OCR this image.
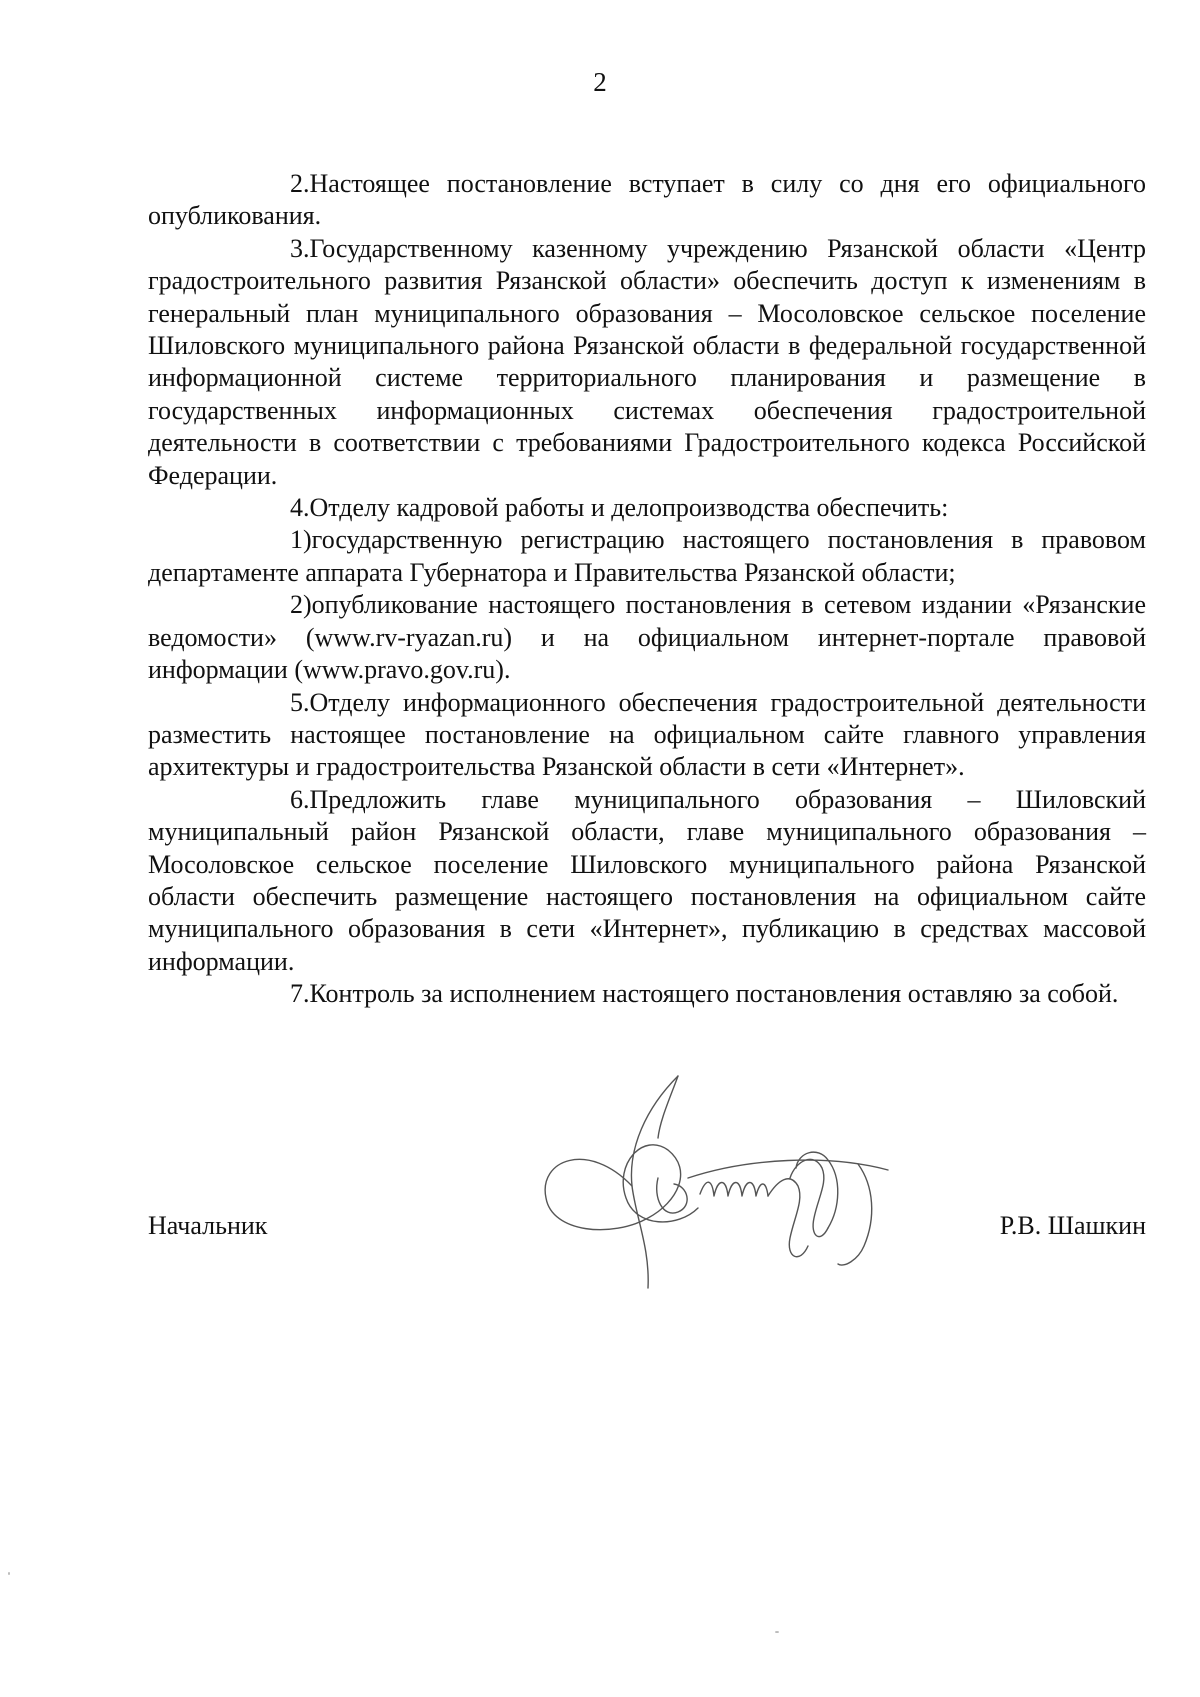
2

2.Настоящее постановление вступает в силу со дня его официального опубликования.

3.Государственному казенному учреждению Рязанской области «Центр градостроительного развития Рязанской области» обеспечить доступ к изменениям в генеральный план муниципального образования – Мосоловское сельское поселение Шиловского муниципального района Рязанской области в федеральной государственной информационной системе территориального планирования и размещение в государственных информационных системах обеспечения градостроительной деятельности в соответствии с требованиями Градостроительного кодекса Российской Федерации.

4.Отделу кадровой работы и делопроизводства обеспечить:

1)государственную регистрацию настоящего постановления в правовом департаменте аппарата Губернатора и Правительства Рязанской области;

2)опубликование настоящего постановления в сетевом издании «Рязанские ведомости» (www.rv-ryazan.ru) и на официальном интернет-портале правовой информации (www.pravo.gov.ru).

5.Отделу информационного обеспечения градостроительной деятельности разместить настоящее постановление на официальном сайте главного управления архитектуры и градостроительства Рязанской области в сети «Интернет».

6.Предложить главе муниципального образования – Шиловский муниципальный район Рязанской области, главе муниципального образования – Мосоловское сельское поселение Шиловского муниципального района Рязанской области обеспечить размещение настоящего постановления на официальном сайте муниципального образования в сети «Интернет», публикацию в средствах массовой информации.

7.Контроль за исполнением настоящего постановления оставляю за собой.

Начальник	Р.В. Шашкин
